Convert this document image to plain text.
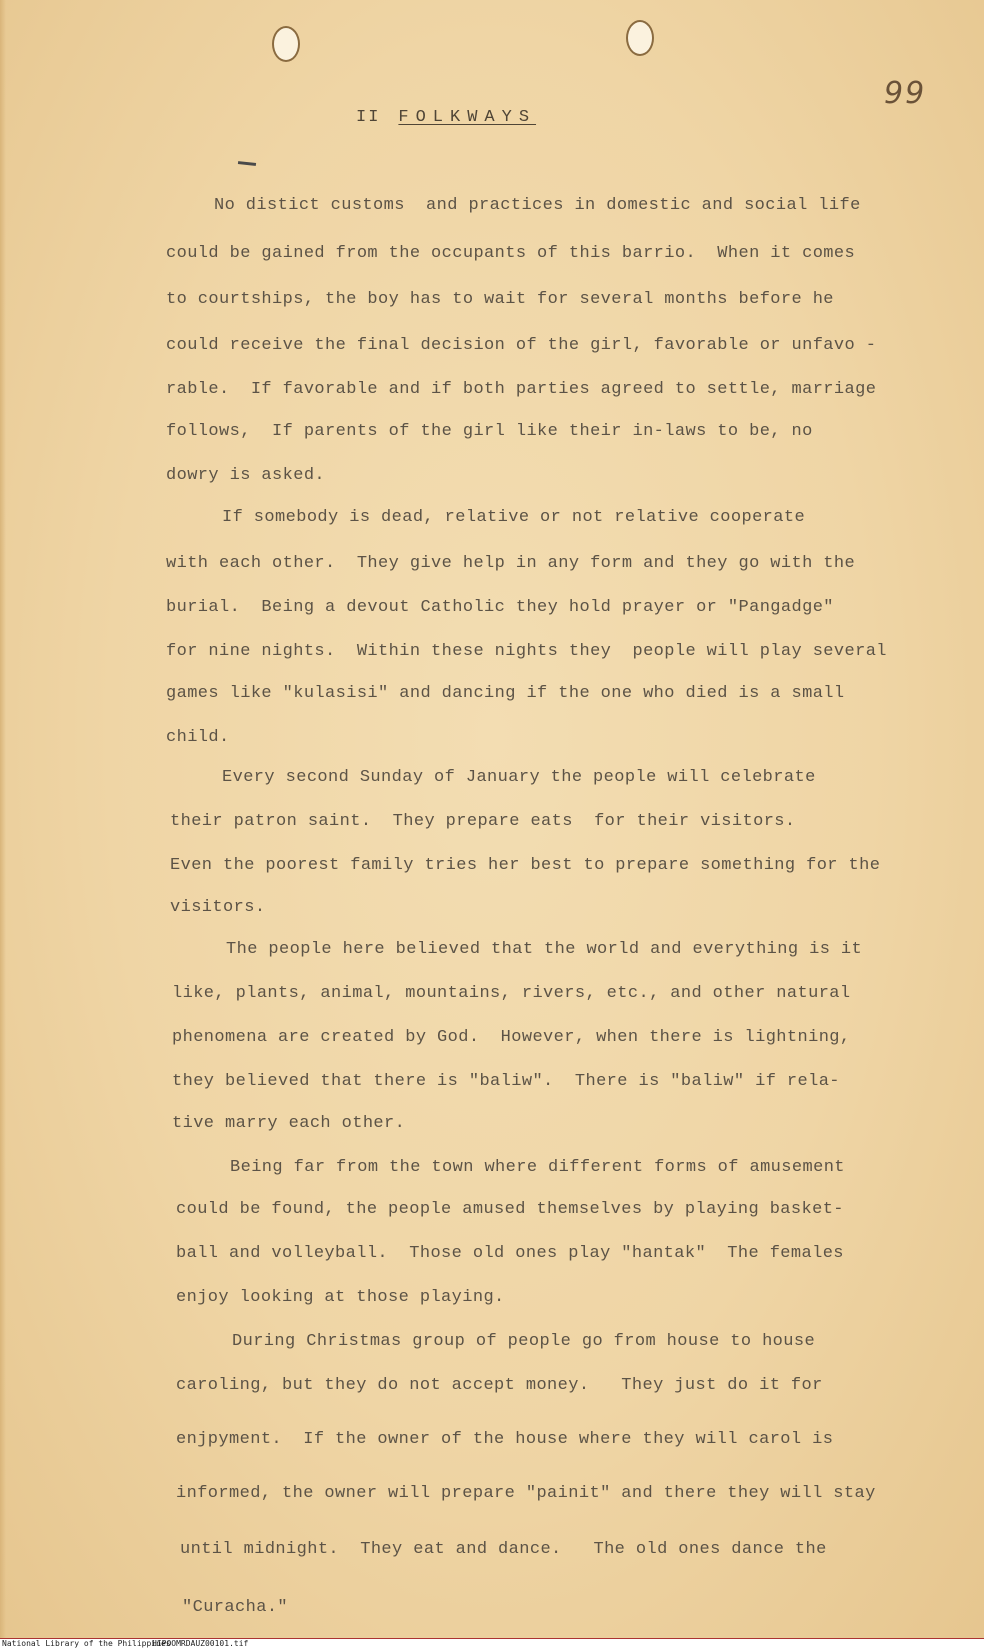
99
II FOLKWAYS
No distict customs  and practices in domestic and social life
could be gained from the occupants of this barrio.  When it comes
to courtships, the boy has to wait for several months before he
could receive the final decision of the girl, favorable or unfavo -
rable.  If favorable and if both parties agreed to settle, marriage
follows,  If parents of the girl like their in-laws to be, no
dowry is asked.
If somebody is dead, relative or not relative cooperate
with each other.  They give help in any form and they go with the
burial.  Being a devout Catholic they hold prayer or "Pangadge"
for nine nights.  Within these nights they  people will play several
games like "kulasisi" and dancing if the one who died is a small
child.
Every second Sunday of January the people will celebrate
their patron saint.  They prepare eats  for their visitors.
Even the poorest family tries her best to prepare something for the
visitors.
The people here believed that the world and everything is it
like, plants, animal, mountains, rivers, etc., and other natural
phenomena are created by God.  However, when there is lightning,
they believed that there is "baliw".  There is "baliw" if rela-
tive marry each other.
Being far from the town where different forms of amusement
could be found, the people amused themselves by playing basket-
ball and volleyball.  Those old ones play "hantak"  The females
enjoy looking at those playing.
During Christmas group of people go from house to house
caroling, but they do not accept money.   They just do it for
enjpyment.  If the owner of the house where they will carol is
informed, the owner will prepare "painit" and there they will stay
until midnight.  They eat and dance.   The old ones dance the
"Curacha."
National Library of the Philippines
HIPOOMRDAUZ00101.tif
